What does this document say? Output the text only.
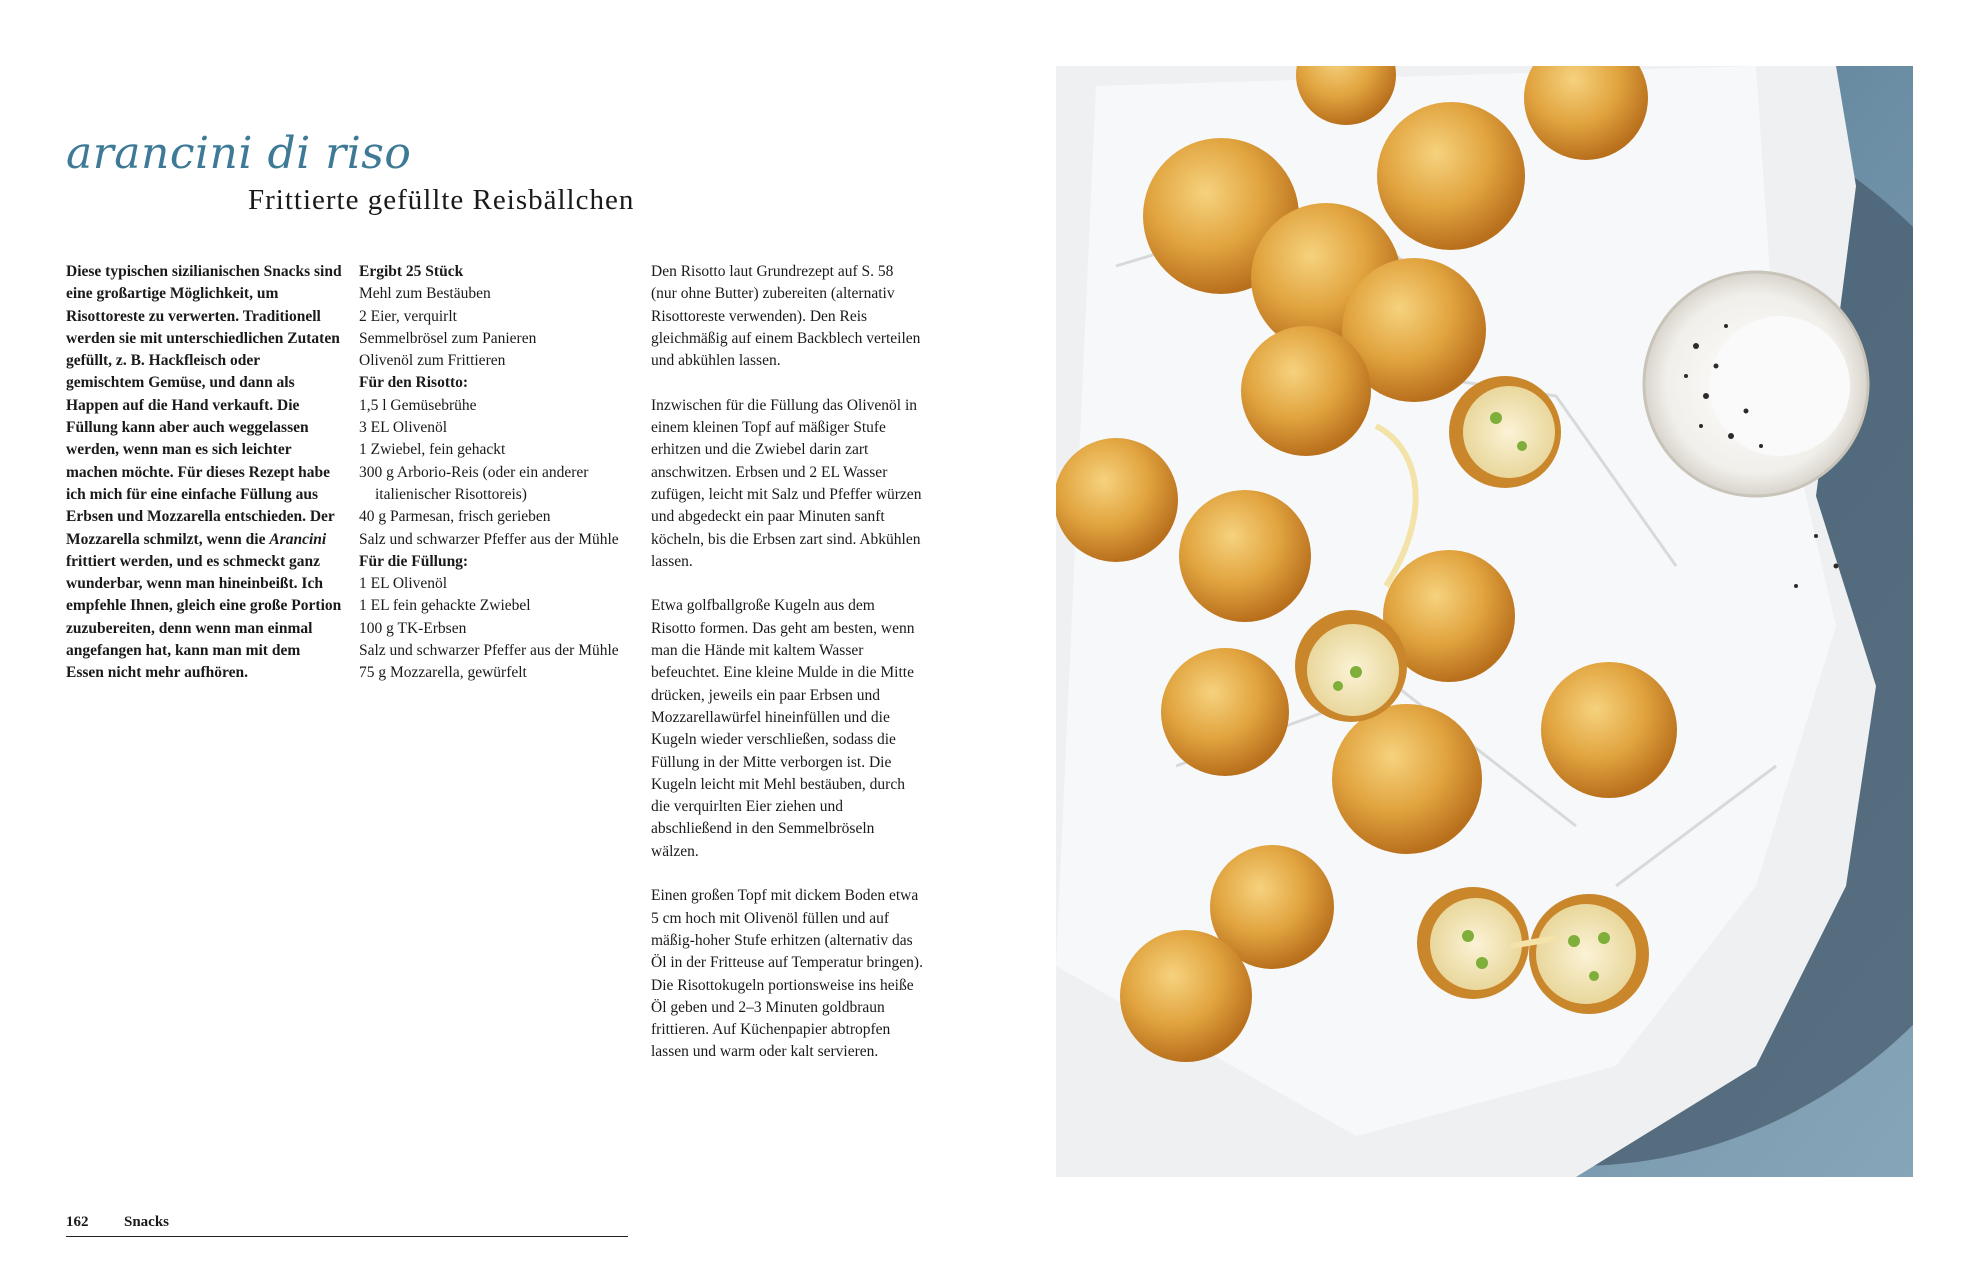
arancini di riso
Frittierte gefüllte Reisbällchen

Diese typischen sizilianischen Snacks sind eine großartige Möglichkeit, um Risottoreste zu verwerten. Traditionell werden sie mit unterschiedlichen Zutaten gefüllt, z. B. Hackfleisch oder gemischtem Gemüse, und dann als Happen auf die Hand verkauft. Die Füllung kann aber auch weggelassen werden, wenn man es sich leichter machen möchte. Für dieses Rezept habe ich mich für eine einfache Füllung aus Erbsen und Mozzarella entschieden. Der Mozzarella schmilzt, wenn die Arancini frittiert werden, und es schmeckt ganz wunderbar, wenn man hineinbeißt. Ich empfehle Ihnen, gleich eine große Portion zuzubereiten, denn wenn man einmal angefangen hat, kann man mit dem Essen nicht mehr aufhören.

Ergibt 25 Stück
Mehl zum Bestäuben
2 Eier, verquirlt
Semmelbrösel zum Panieren
Olivenöl zum Frittieren
Für den Risotto:
1,5 l Gemüsebrühe
3 EL Olivenöl
1 Zwiebel, fein gehackt
300 g Arborio-Reis (oder ein anderer italienischer Risottoreis)
40 g Parmesan, frisch gerieben
Salz und schwarzer Pfeffer aus der Mühle
Für die Füllung:
1 EL Olivenöl
1 EL fein gehackte Zwiebel
100 g TK-Erbsen
Salz und schwarzer Pfeffer aus der Mühle
75 g Mozzarella, gewürfelt

Den Risotto laut Grundrezept auf S. 58 (nur ohne Butter) zubereiten (alternativ Risottoreste verwenden). Den Reis gleichmäßig auf einem Backblech verteilen und abkühlen lassen.

Inzwischen für die Füllung das Olivenöl in einem kleinen Topf auf mäßiger Stufe erhitzen und die Zwiebel darin zart anschwitzen. Erbsen und 2 EL Wasser zufügen, leicht mit Salz und Pfeffer würzen und abgedeckt ein paar Minuten sanft köcheln, bis die Erbsen zart sind. Abkühlen lassen.

Etwa golfballgroße Kugeln aus dem Risotto formen. Das geht am besten, wenn man die Hände mit kaltem Wasser befeuchtet. Eine kleine Mulde in die Mitte drücken, jeweils ein paar Erbsen und Mozzarellawürfel hineinfüllen und die Kugeln wieder verschließen, sodass die Füllung in der Mitte verborgen ist. Die Kugeln leicht mit Mehl bestäuben, durch die verquirlten Eier ziehen und abschließend in den Semmelbröseln wälzen.

Einen großen Topf mit dickem Boden etwa 5 cm hoch mit Olivenöl füllen und auf mäßig-hoher Stufe erhitzen (alternativ das Öl in der Fritteuse auf Temperatur bringen). Die Risottokugeln portionsweise ins heiße Öl geben und 2–3 Minuten goldbraun frittieren. Auf Küchenpapier abtropfen lassen und warm oder kalt servieren.

162 Snacks
